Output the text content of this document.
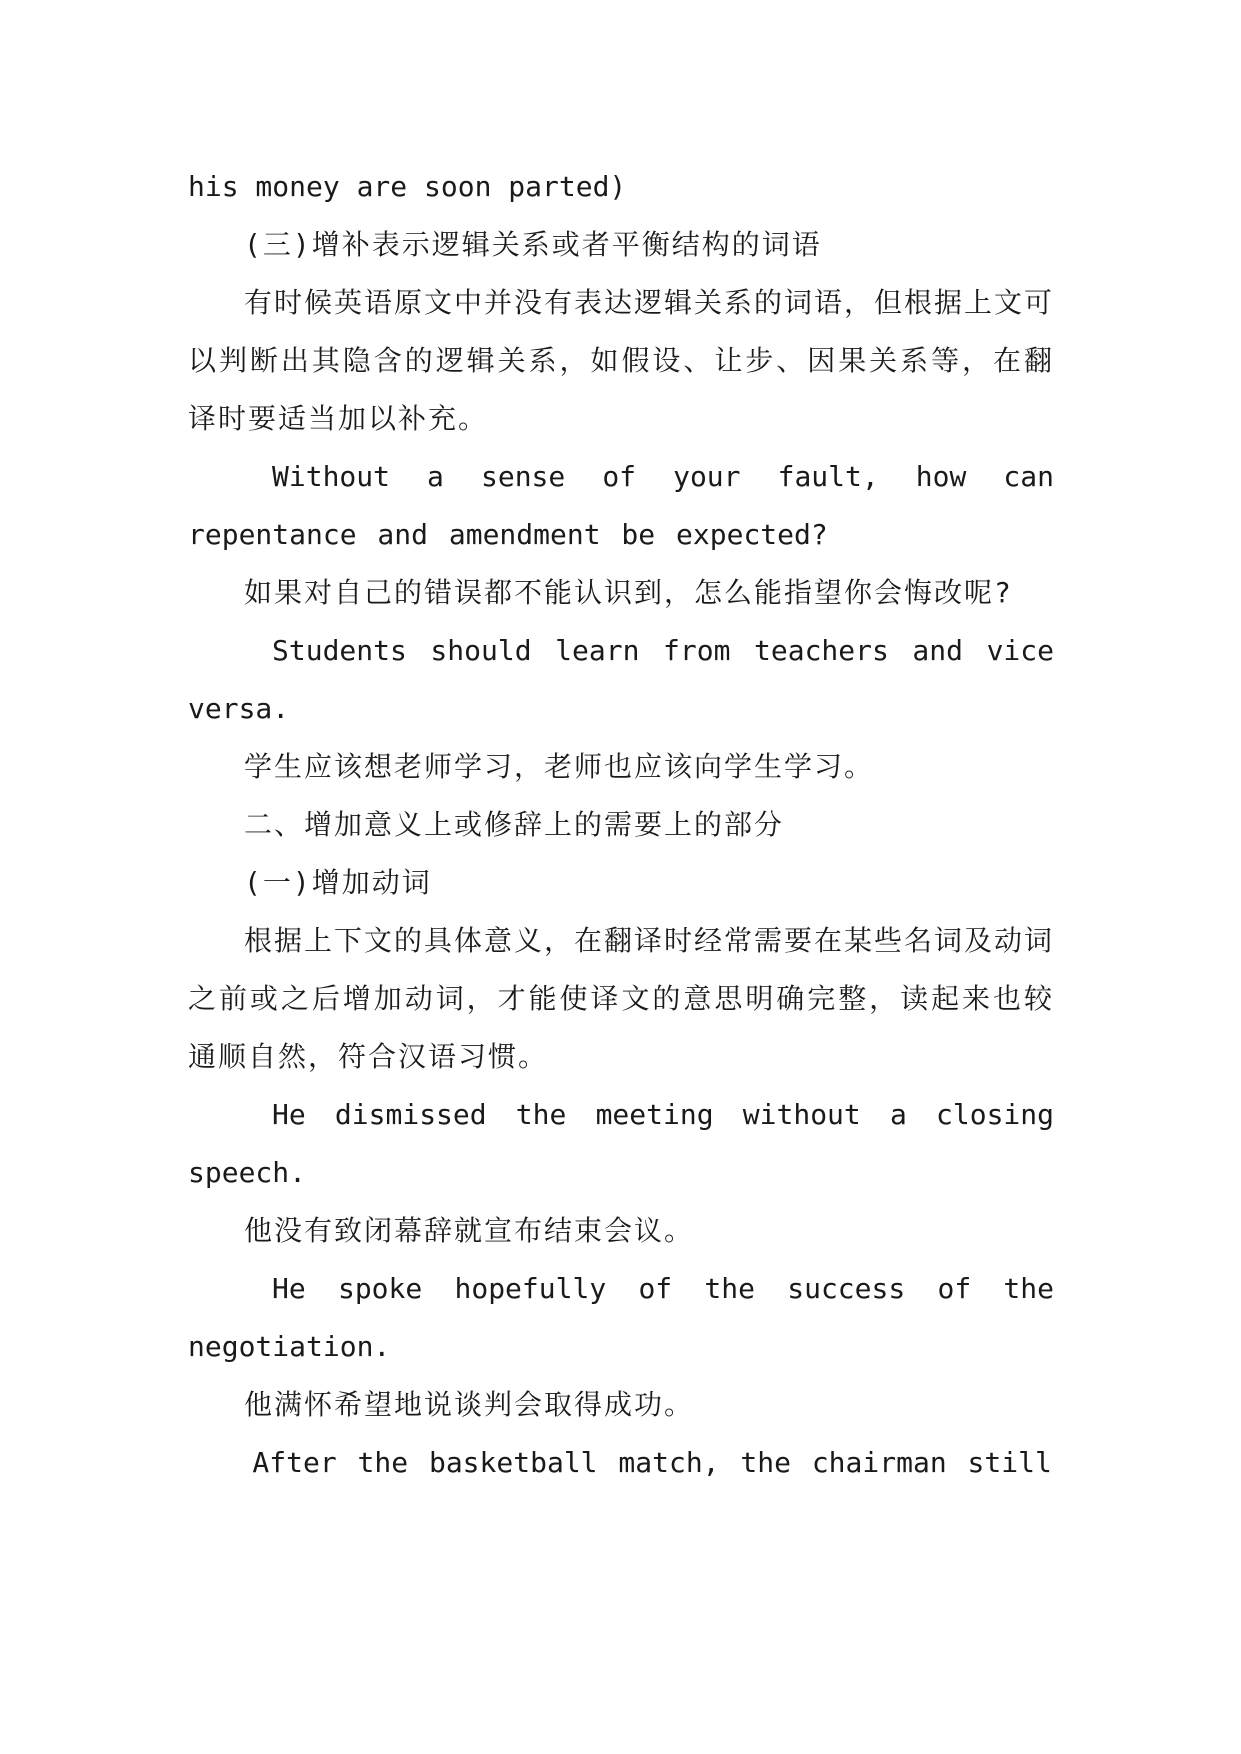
his money are soon parted)

(三)增补表示逻辑关系或者平衡结构的词语

有时候英语原文中并没有表达逻辑关系的词语，但根据上文可以判断出其隐含的逻辑关系，如假设、让步、因果关系等，在翻译时要适当加以补充。

Without a sense of your fault, how can repentance and amendment be expected?

如果对自己的错误都不能认识到，怎么能指望你会悔改呢?

Students should learn from teachers and vice versa.

学生应该想老师学习，老师也应该向学生学习。

二、增加意义上或修辞上的需要上的部分

(一)增加动词

根据上下文的具体意义，在翻译时经常需要在某些名词及动词之前或之后增加动词，才能使译文的意思明确完整，读起来也较通顺自然，符合汉语习惯。

He dismissed the meeting without a closing speech.

他没有致闭幕辞就宣布结束会议。

He spoke hopefully of the success of the negotiation.

他满怀希望地说谈判会取得成功。

After the basketball match, the chairman still
